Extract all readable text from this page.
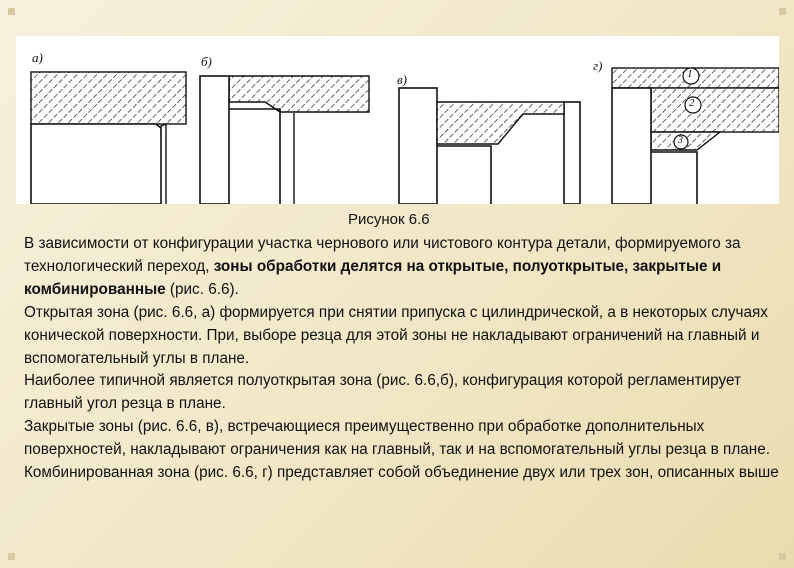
а)	б)
в)
г)
1
2
3
Рисунок 6.6

В зависимости от конфигурации участка чернового или чистового контура детали, формируемого за технологический переход, зоны обработки делятся на открытые, полуоткрытые, закрытые и комбинированные (рис. 6.6).

Открытая зона (рис. 6.6, а) формируется при снятии припуска с цилиндрической, а в некоторых случаях конической поверхности. При, выборе резца для этой зоны не накладывают ограничений на главный и вспомогательный углы в плане.

Наиболее типичной является полуоткрытая зона (рис. 6.6,б), конфигурация которой регламентирует главный угол резца в плане.

Закрытые зоны (рис. 6.6, в), встречающиеся преимущественно при обработке дополнительных поверхностей, накладывают ограничения как на главный, так и на вспомогательный углы резца в плане.

Комбинированная зона (рис. 6.6, г) представляет собой объединение двух или трех зон, описанных выше
